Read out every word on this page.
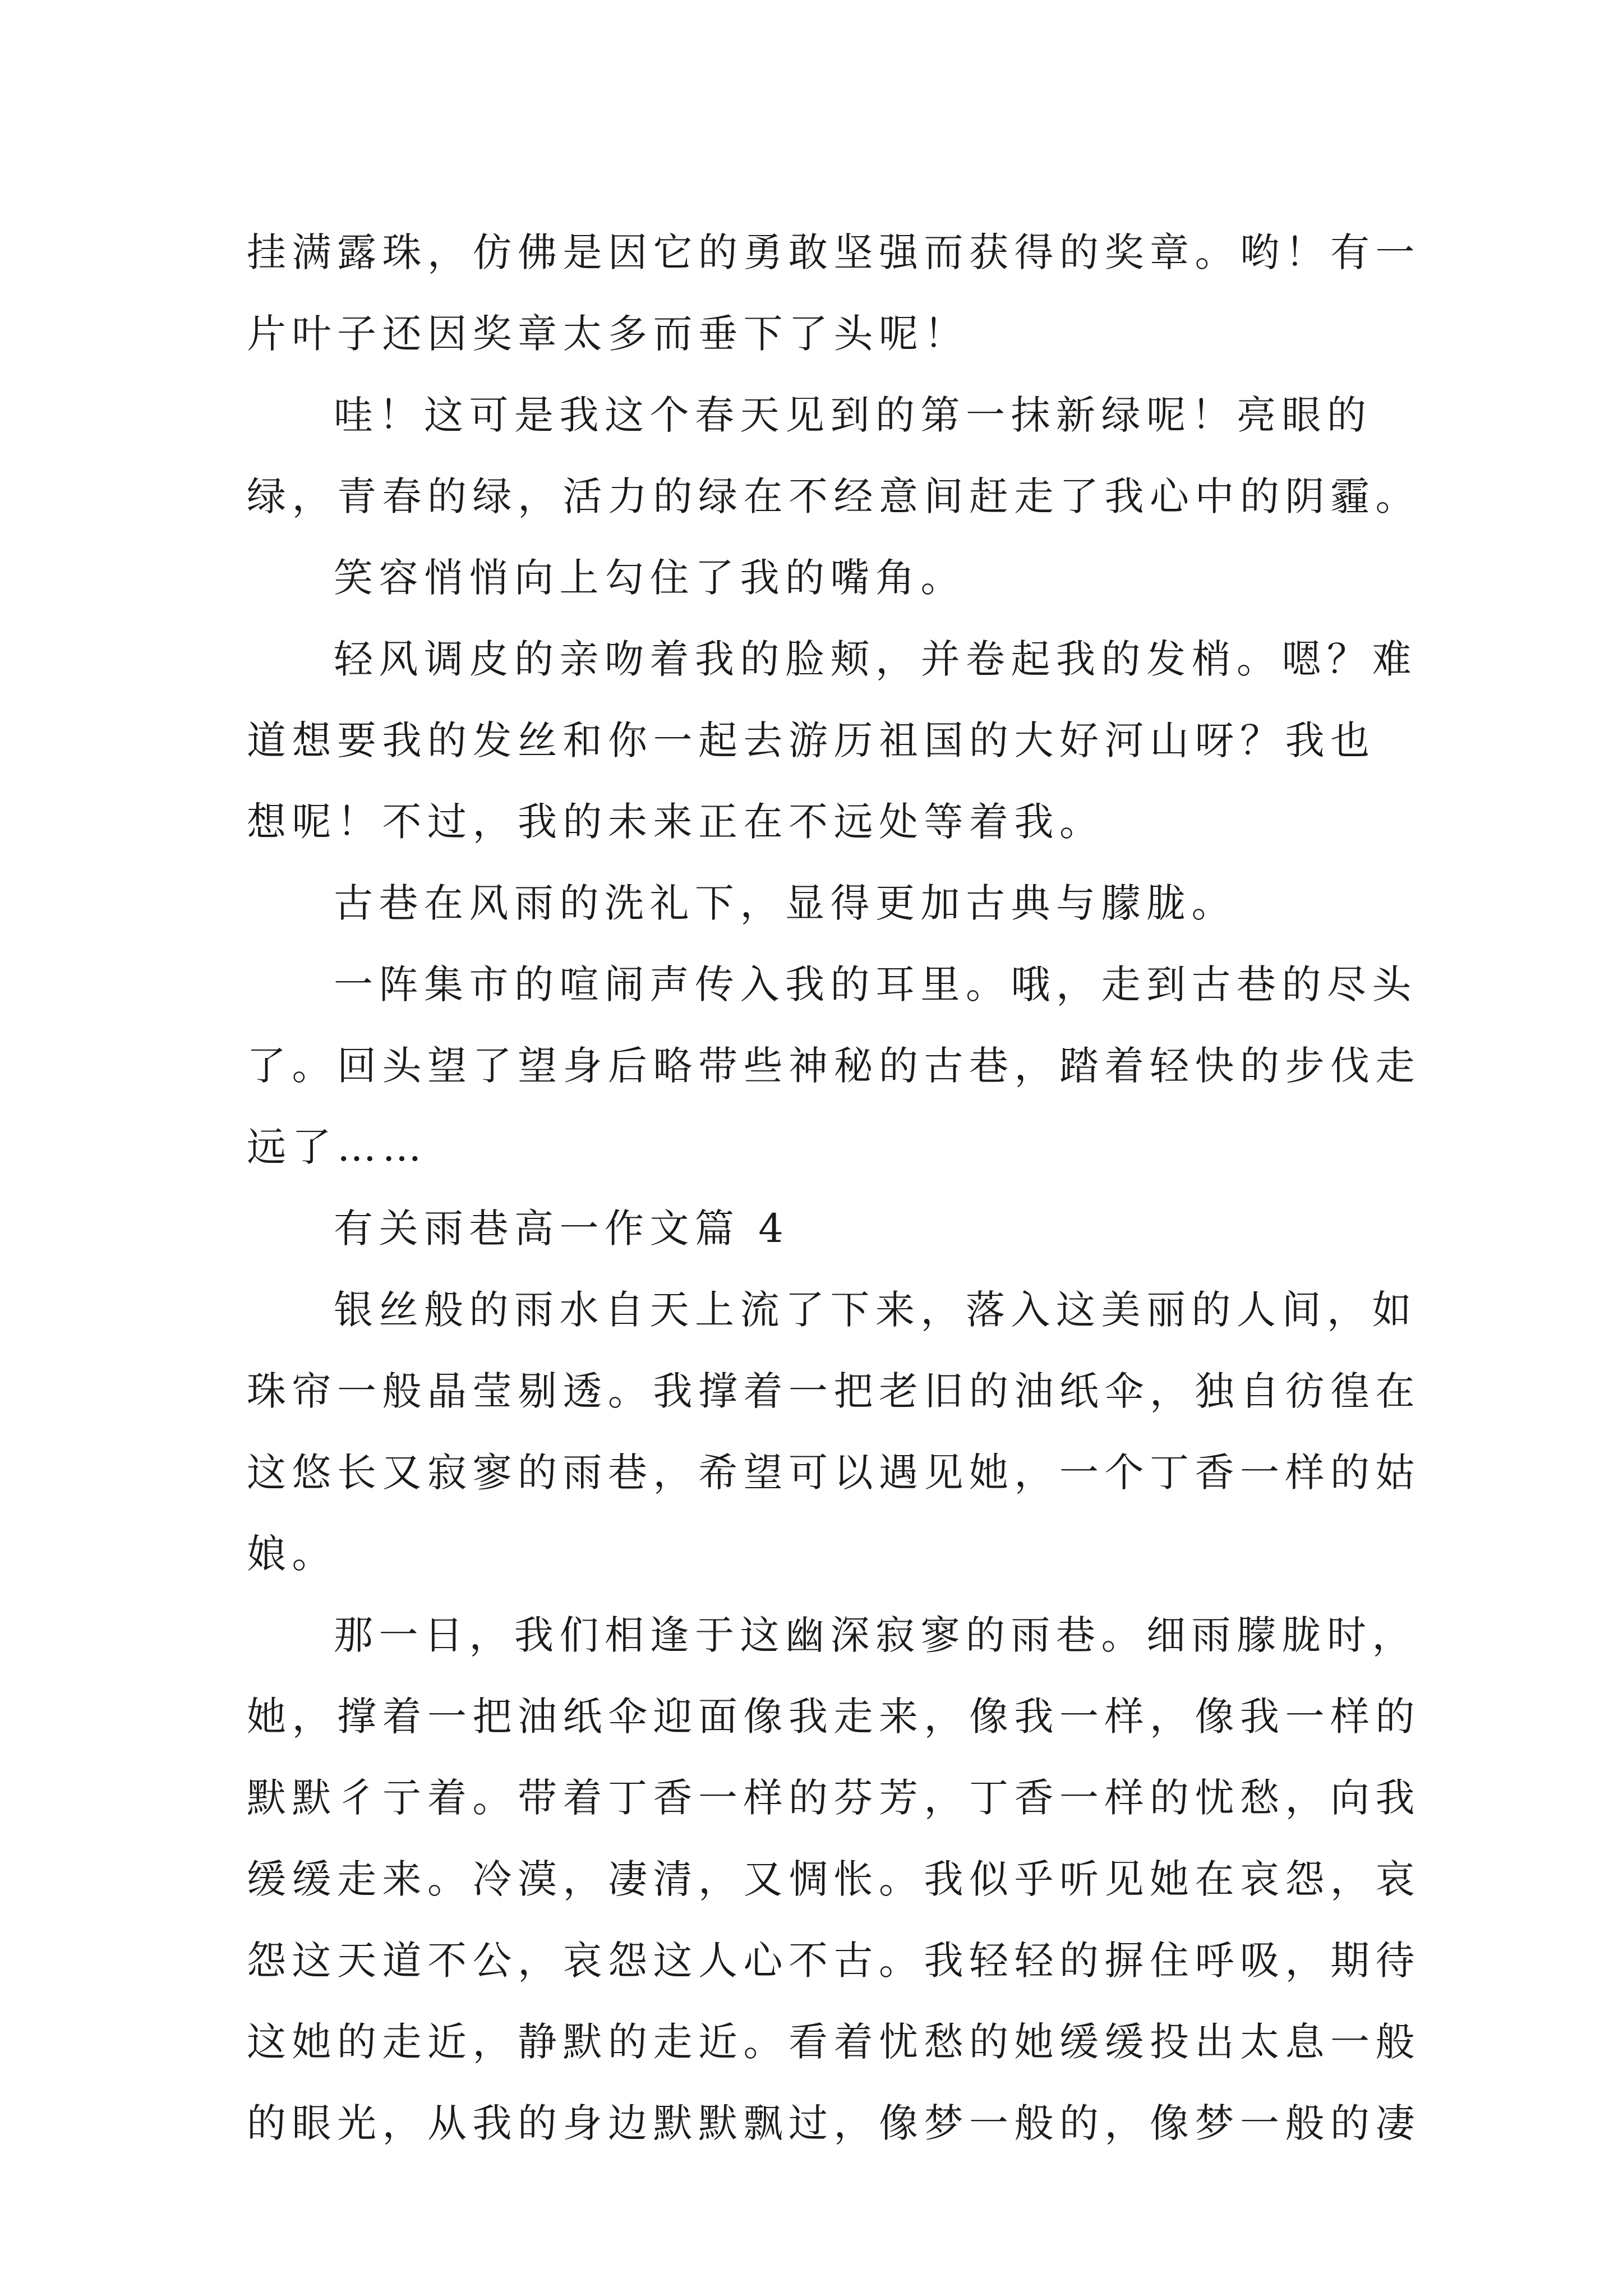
挂满露珠，仿佛是因它的勇敢坚强而获得的奖章。哟！有一
片叶子还因奖章太多而垂下了头呢！
哇！这可是我这个春天见到的第一抹新绿呢！亮眼的
绿，青春的绿，活力的绿在不经意间赶走了我心中的阴霾。
笑容悄悄向上勾住了我的嘴角。
轻风调皮的亲吻着我的脸颊，并卷起我的发梢。嗯？难
道想要我的发丝和你一起去游历祖国的大好河山呀？我也
想呢！不过，我的未来正在不远处等着我。
古巷在风雨的洗礼下，显得更加古典与朦胧。
一阵集市的喧闹声传入我的耳里。哦，走到古巷的尽头
了。回头望了望身后略带些神秘的古巷，踏着轻快的步伐走
远了……
有关雨巷高一作文篇 4
银丝般的雨水自天上流了下来，落入这美丽的人间，如
珠帘一般晶莹剔透。我撑着一把老旧的油纸伞，独自彷徨在
这悠长又寂寥的雨巷，希望可以遇见她，一个丁香一样的姑
娘。
那一日，我们相逢于这幽深寂寥的雨巷。细雨朦胧时，
她，撑着一把油纸伞迎面像我走来，像我一样，像我一样的
默默彳亍着。带着丁香一样的芬芳，丁香一样的忧愁，向我
缓缓走来。冷漠，凄清，又惆怅。我似乎听见她在哀怨，哀
怨这天道不公，哀怨这人心不古。我轻轻的摒住呼吸，期待
这她的走近，静默的走近。看着忧愁的她缓缓投出太息一般
的眼光，从我的身边默默飘过，像梦一般的，像梦一般的凄
